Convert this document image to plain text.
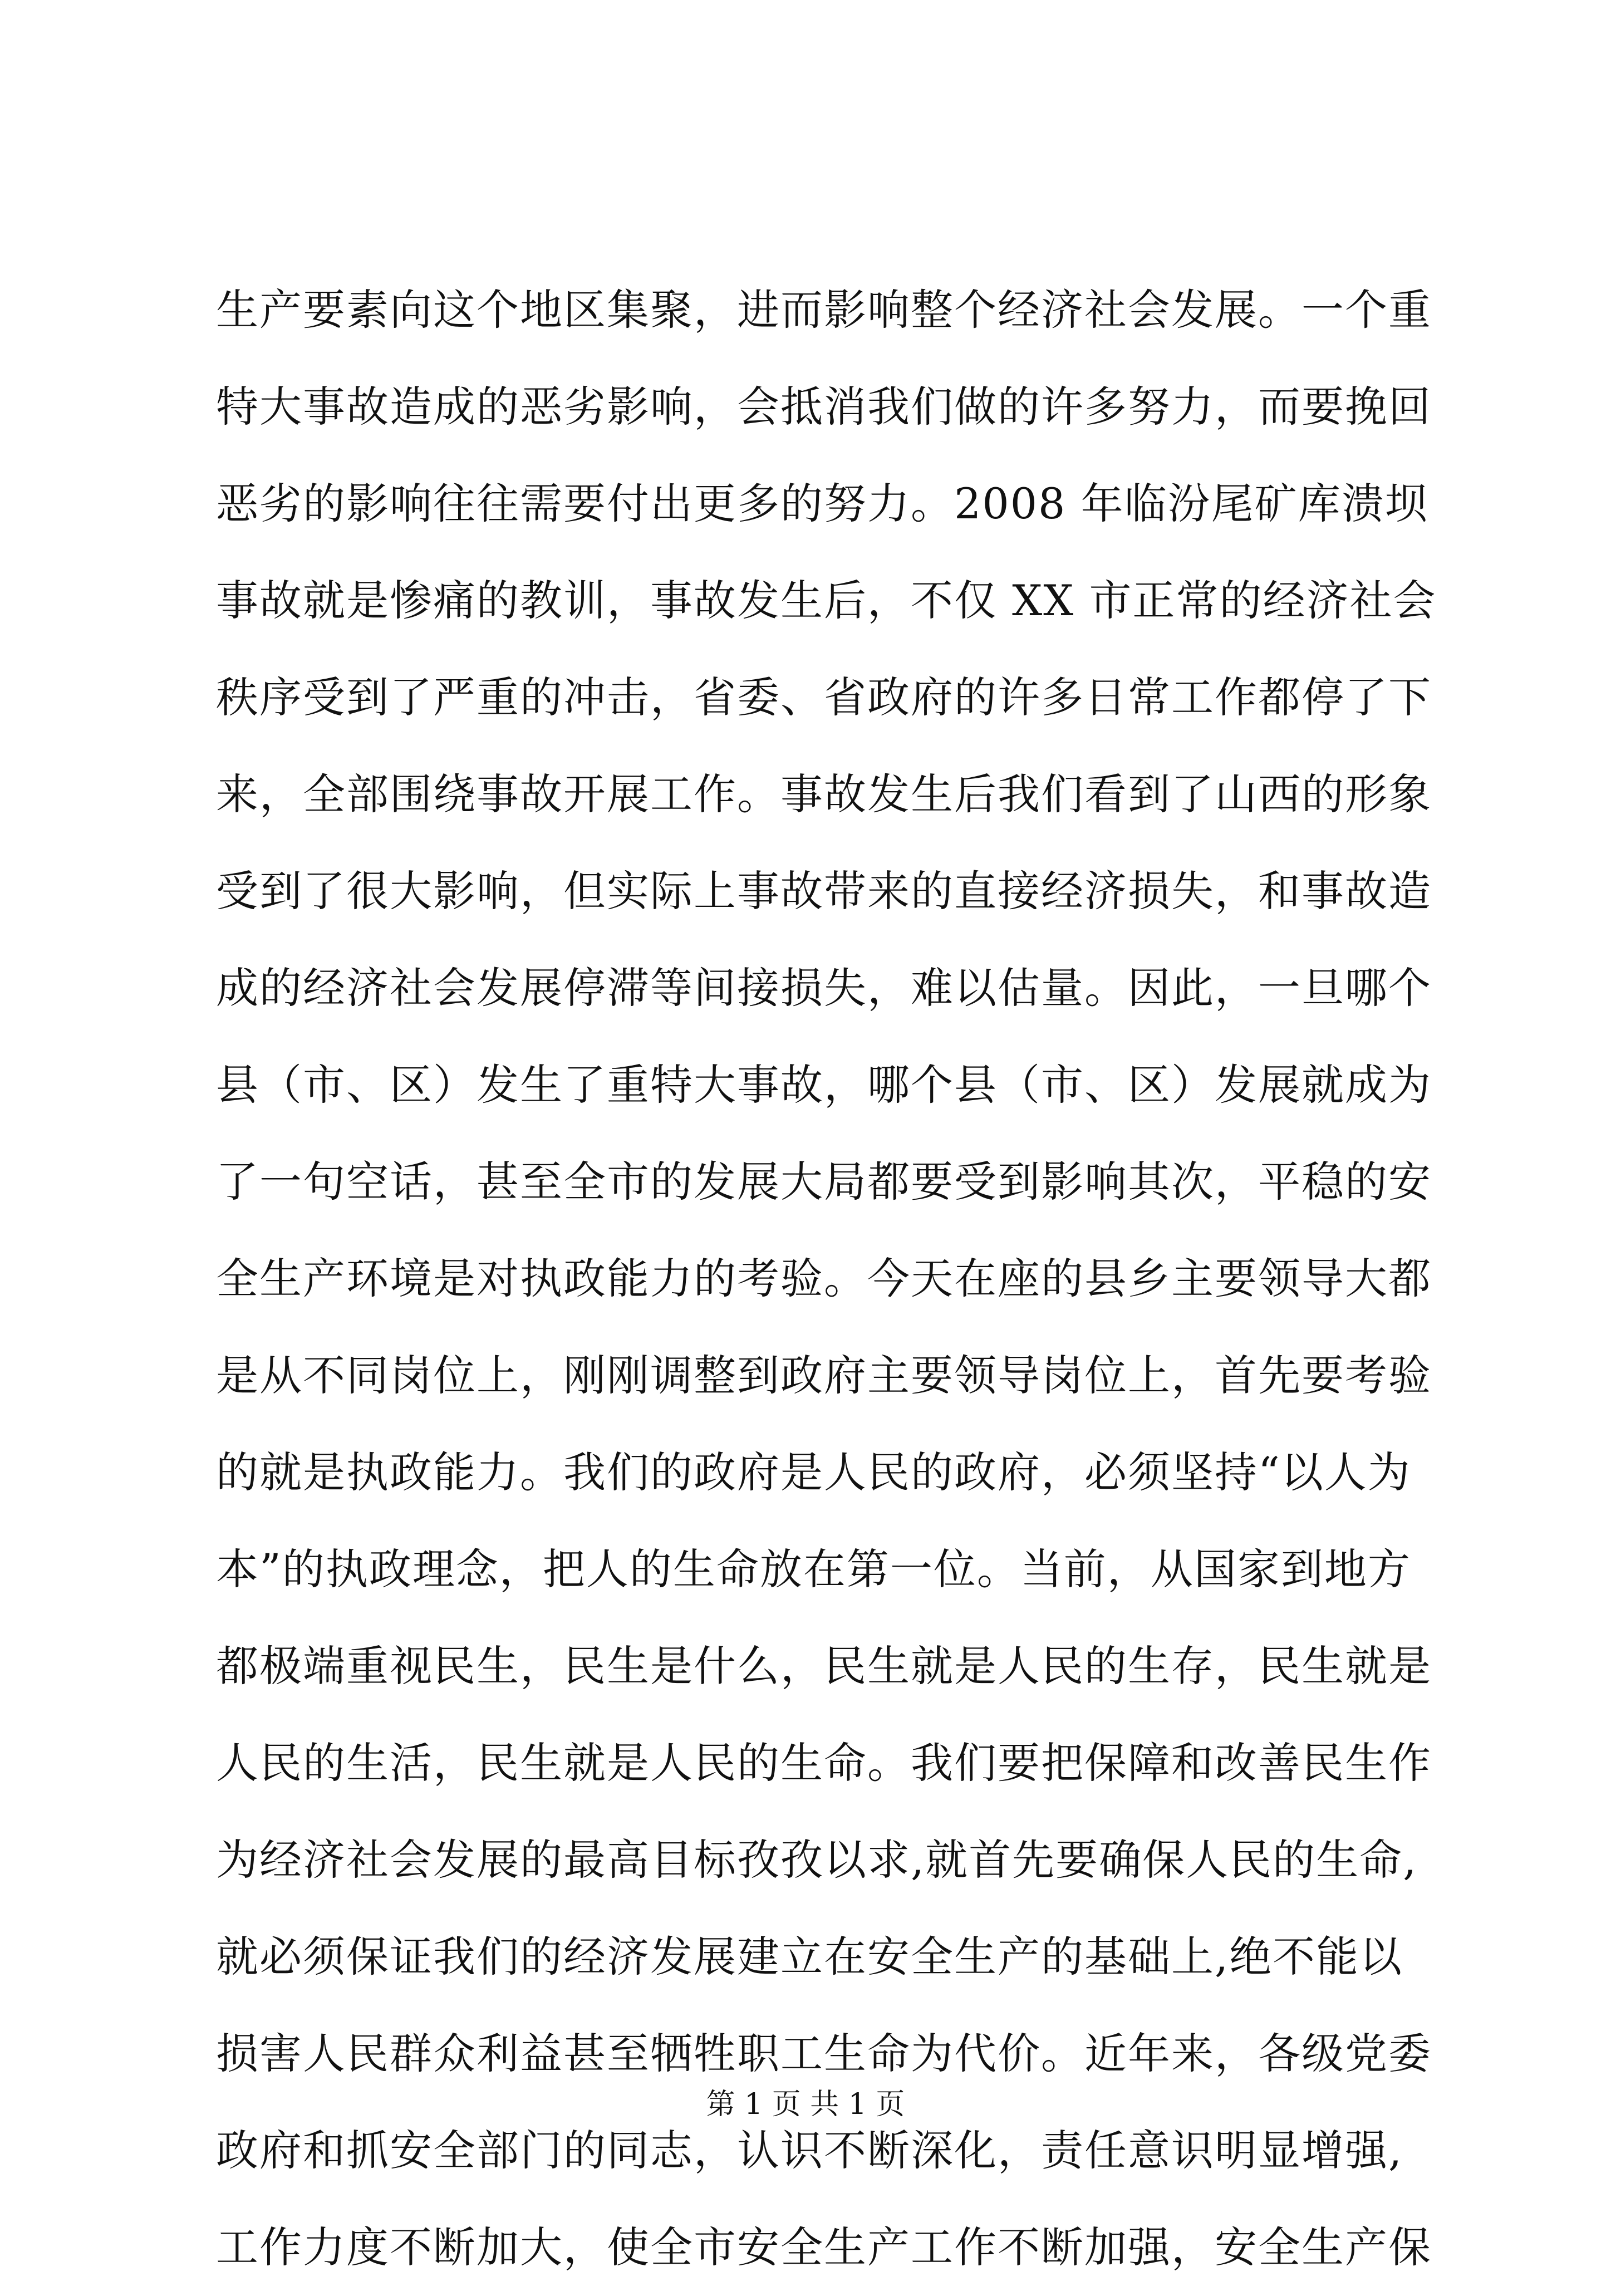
生产要素向这个地区集聚，进而影响整个经济社会发展。一个重
特大事故造成的恶劣影响，会抵消我们做的许多努力，而要挽回
恶劣的影响往往需要付出更多的努力。2008 年临汾尾矿库溃坝
事故就是惨痛的教训，事故发生后，不仅 XX 市正常的经济社会
秩序受到了严重的冲击，省委、省政府的许多日常工作都停了下
来，全部围绕事故开展工作。事故发生后我们看到了山西的形象
受到了很大影响，但实际上事故带来的直接经济损失，和事故造
成的经济社会发展停滞等间接损失，难以估量。因此，一旦哪个
县（市、区）发生了重特大事故，哪个县（市、区）发展就成为
了一句空话，甚至全市的发展大局都要受到影响其次，平稳的安
全生产环境是对执政能力的考验。今天在座的县乡主要领导大都
是从不同岗位上，刚刚调整到政府主要领导岗位上，首先要考验
的就是执政能力。我们的政府是人民的政府，必须坚持“以人为
本”的执政理念，把人的生命放在第一位。当前，从国家到地方
都极端重视民生，民生是什么，民生就是人民的生存，民生就是
人民的生活，民生就是人民的生命。我们要把保障和改善民生作
为经济社会发展的最高目标孜孜以求,就首先要确保人民的生命,
就必须保证我们的经济发展建立在安全生产的基础上,绝不能以
损害人民群众利益甚至牺牲职工生命为代价。近年来，各级党委
政府和抓安全部门的同志，认识不断深化，责任意识明显增强,
工作力度不断加大，使全市安全生产工作不断加强，安全生产保
第 1 页 共 1 页
